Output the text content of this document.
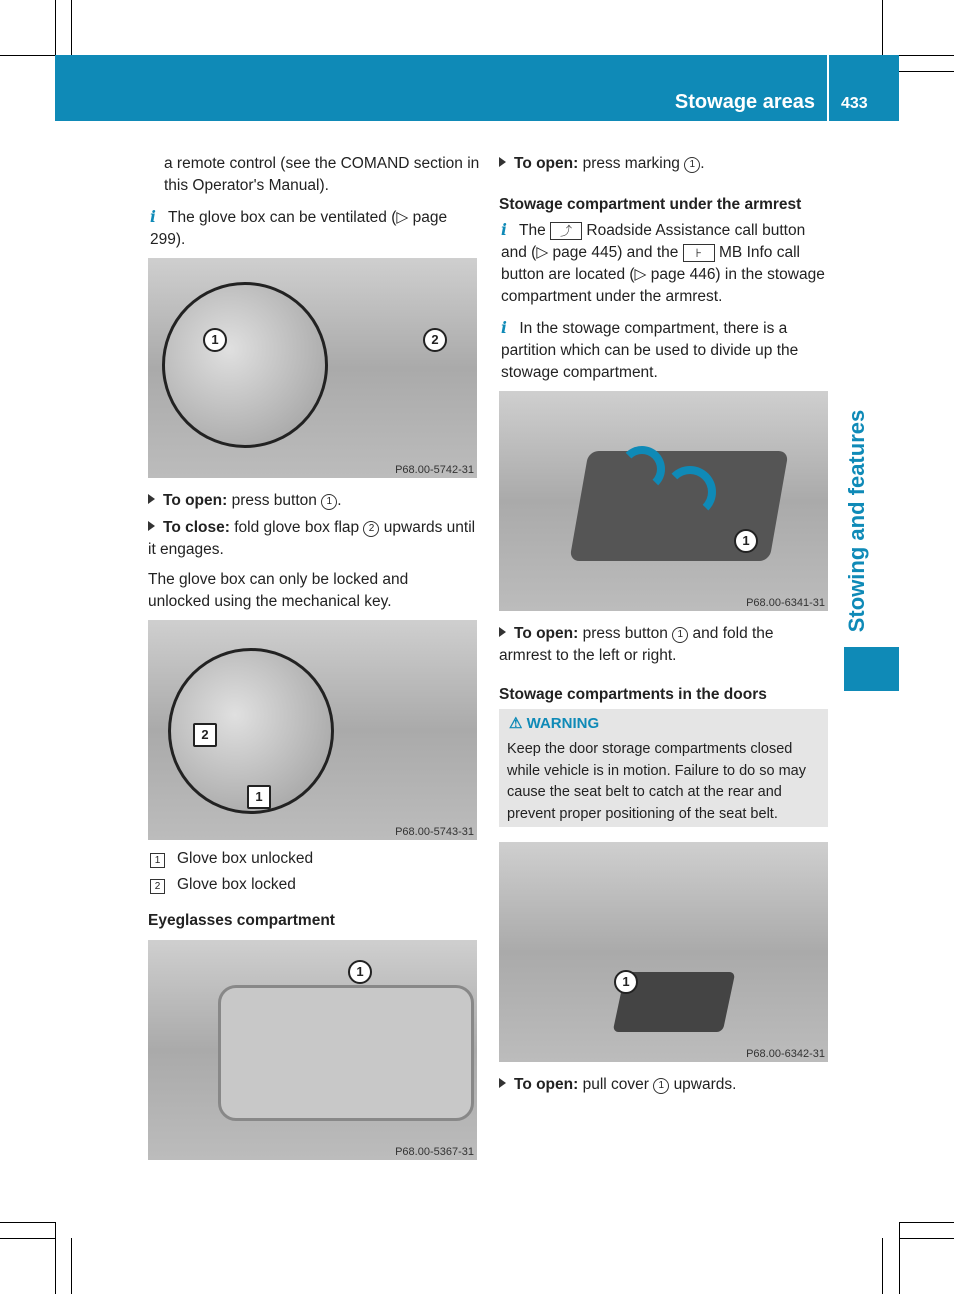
Stowage areas 433
Stowing and features

a remote control (see the COMAND section in this Operator's Manual).

i The glove box can be ventilated (▷ page 299).

1	2
P68.00-5742-31

To open: press button 1 .

To close: fold glove box flap 2 upwards until it engages.

The glove box can only be locked and unlocked using the mechanical key.

2
1
P68.00-5743-31

1 Glove box unlocked

2 Glove box locked

Eyeglasses compartment
1
P68.00-5367-31

To open: press marking 1 .

Stowage compartment under the armrest

i The ⤴ Roadside Assistance call button and (▷ page 445) and the ⊦ MB Info call button are located (▷ page 446) in the stowage compartment under the armrest.

i In the stowage compartment, there is a partition which can be used to divide up the stowage compartment.

1
P68.00-6341-31

To open: press button 1 and fold the armrest to the left or right.

Stowage compartments in the doors
⚠ WARNING
Keep the door storage compartments closed while vehicle is in motion. Failure to do so may cause the seat belt to catch at the rear and prevent proper positioning of the seat belt.
1
P68.00-6342-31

To open: pull cover 1 upwards.
